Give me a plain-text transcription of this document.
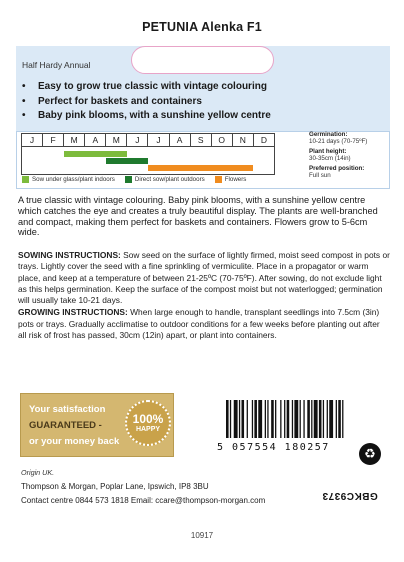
PETUNIA Alenka F1
Half Hardy Annual
• Easy to grow true classic with vintage colouring
• Perfect for baskets and containers
• Baby pink blooms, with a sunshine yellow centre
J	F	M	A	M	J	J	A	S	O	N	D
Sow under glass/plant indoors	Direct sow/plant outdoors	Flowers
Germination:
10-21 days (70-75ºF)
Plant height:
30-35cm (14in)
Preferred position:
Full sun
A true classic with vintage colouring. Baby pink blooms, with a sunshine yellow centre which catches the eye and creates a truly beautiful display. The plants are well-branched and compact, making them perfect for baskets and containers. Flowers grow to 5-6cm wide.

SOWING INSTRUCTIONS: Sow seed on the surface of lightly firmed, moist seed compost in pots or trays. Lightly cover the seed with a fine sprinkling of vermiculite. Place in a propagator or warm place, and keep at a temperature of between 21-25ºC (70-75ºF). After sowing, do not exclude light as this helps germination. Keep the surface of the compost moist but not waterlogged; germination will usually take 10-21 days.

GROWING INSTRUCTIONS: When large enough to handle, transplant seedlings into 7.5cm (3in) pots or trays. Gradually acclimatise to outdoor conditions for a few weeks before planting out after all risk of frost has passed, 30cm (12in) apart, or plant into containers.

Your satisfaction
GUARANTEED -
or your money back
100%
HAPPY
5 057554 180257	♻
Origin UK.
Thompson & Morgan, Poplar Lane, Ipswich, IP8 3BU
Contact centre 0844 573 1818 Email: ccare@thompson-morgan.com	GBKC9373
10917
